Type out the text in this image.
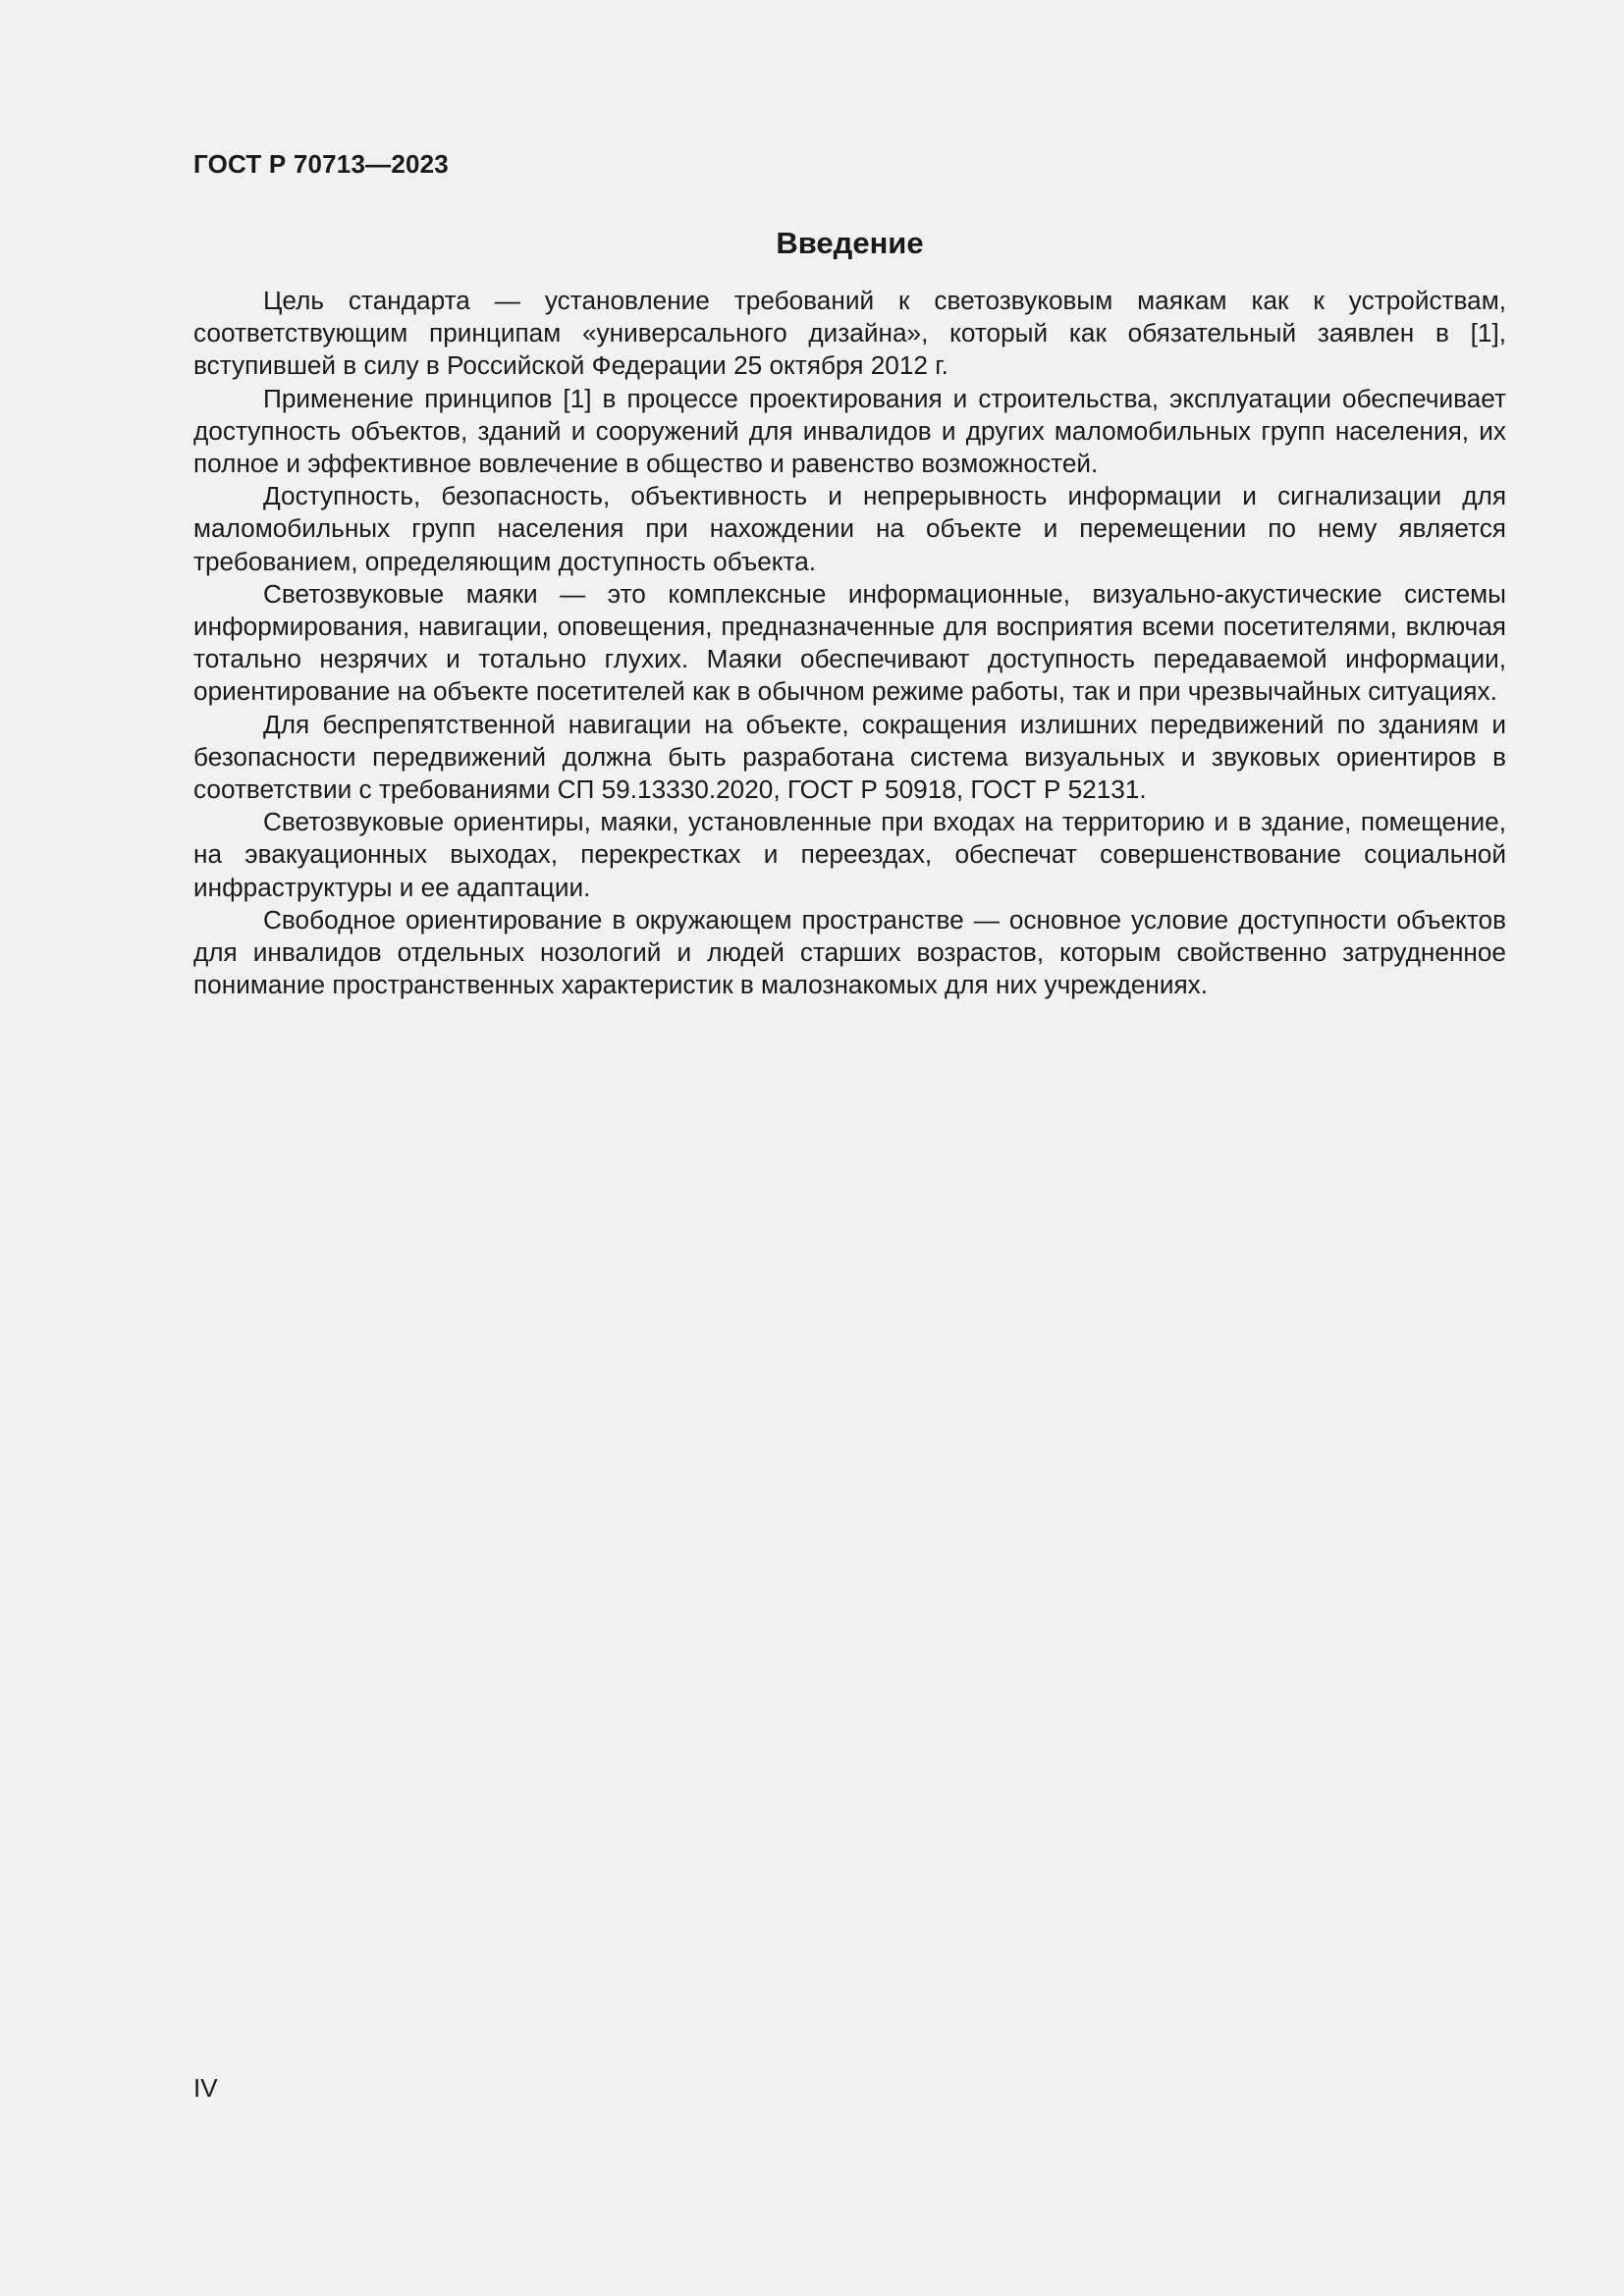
ГОСТ Р 70713—2023
Введение

Цель стандарта — установление требований к светозвуковым маякам как к устройствам, соответствующим принципам «универсального дизайна», который как обязательный заявлен в [1], вступившей в силу в Российской Федерации 25 октября 2012 г.

Применение принципов [1] в процессе проектирования и строительства, эксплуатации обеспечивает доступность объектов, зданий и сооружений для инвалидов и других маломобильных групп населения, их полное и эффективное вовлечение в общество и равенство возможностей.

Доступность, безопасность, объективность и непрерывность информации и сигнализации для маломобильных групп населения при нахождении на объекте и перемещении по нему является требованием, определяющим доступность объекта.

Светозвуковые маяки — это комплексные информационные, визуально-акустические системы информирования, навигации, оповещения, предназначенные для восприятия всеми посетителями, включая тотально незрячих и тотально глухих. Маяки обеспечивают доступность передаваемой информации, ориентирование на объекте посетителей как в обычном режиме работы, так и при чрезвычайных ситуациях.

Для беспрепятственной навигации на объекте, сокращения излишних передвижений по зданиям и безопасности передвижений должна быть разработана система визуальных и звуковых ориентиров в соответствии с требованиями СП 59.13330.2020, ГОСТ Р 50918, ГОСТ Р 52131.

Светозвуковые ориентиры, маяки, установленные при входах на территорию и в здание, помещение, на эвакуационных выходах, перекрестках и переездах, обеспечат совершенствование социальной инфраструктуры и ее адаптации.

Свободное ориентирование в окружающем пространстве — основное условие доступности объектов для инвалидов отдельных нозологий и людей старших возрастов, которым свойственно затрудненное понимание пространственных характеристик в малознакомых для них учреждениях.

IV
